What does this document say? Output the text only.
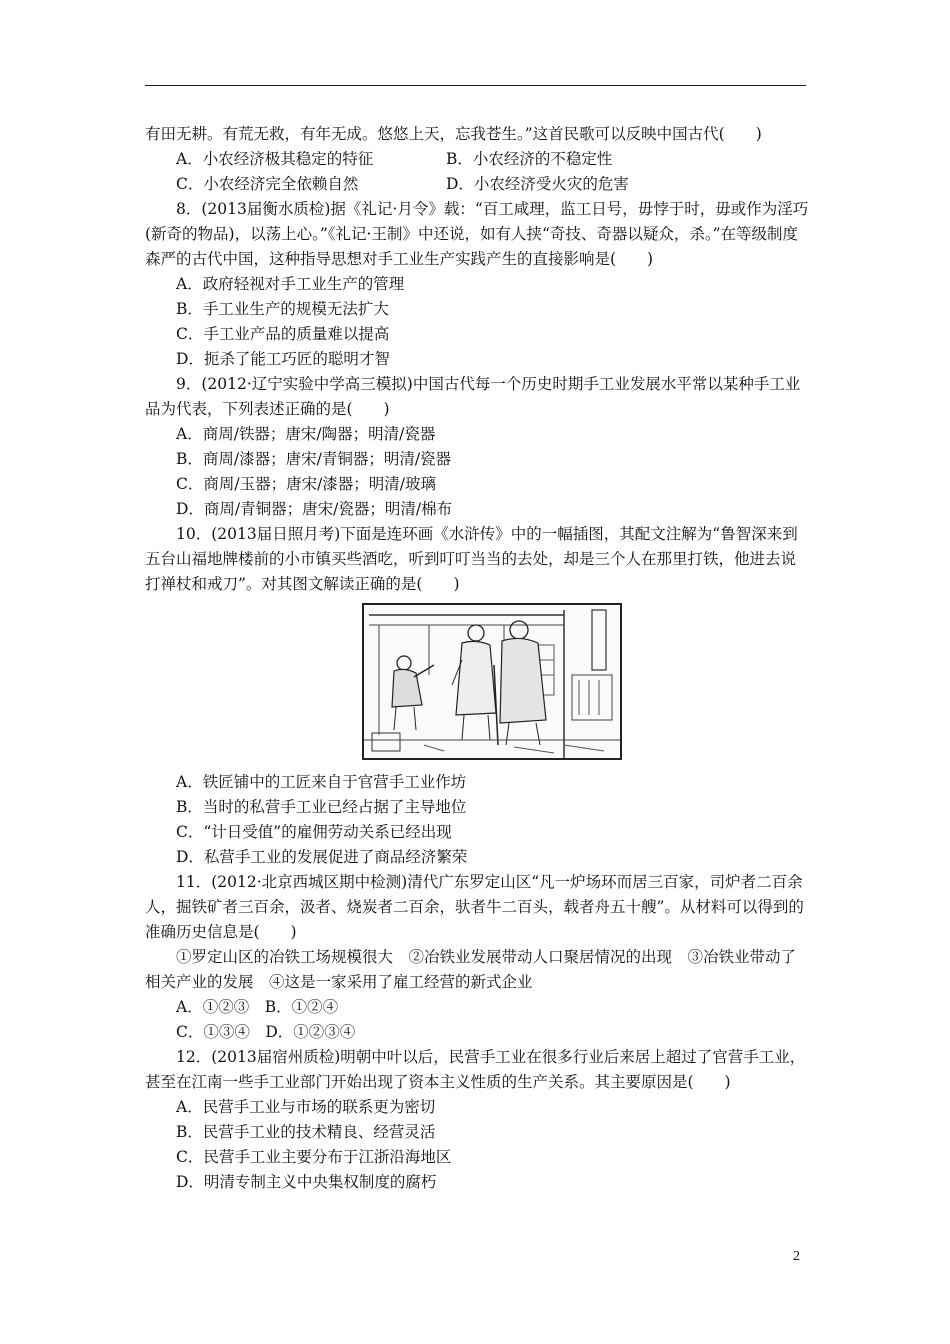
有田无耕。有荒无救，有年无成。悠悠上天，忘我苍生。”这首民歌可以反映中国古代(　　)

A．小农经济极其稳定的特征	B．小农经济的不稳定性
C．小农经济完全依赖自然	D．小农经济受火灾的危害

8．(2013届衡水质检)据《礼记·月令》载：“百工咸理，监工日号，毋悖于时，毋或作为淫巧(新奇的物品)，以荡上心。”《礼记·王制》中还说，如有人挟“奇技、奇器以疑众，杀。”在等级制度森严的古代中国，这种指导思想对手工业生产实践产生的直接影响是(　　)

A．政府轻视对手工业生产的管理

B．手工业生产的规模无法扩大

C．手工业产品的质量难以提高

D．扼杀了能工巧匠的聪明才智

9．(2012·辽宁实验中学高三模拟)中国古代每一个历史时期手工业发展水平常以某种手工业品为代表，下列表述正确的是(　　)

A．商周/铁器；唐宋/陶器；明清/瓷器

B．商周/漆器；唐宋/青铜器；明清/瓷器

C．商周/玉器；唐宋/漆器；明清/玻璃

D．商周/青铜器；唐宋/瓷器；明清/棉布

10．(2013届日照月考)下面是连环画《水浒传》中的一幅插图，其配文注解为“鲁智深来到五台山福地牌楼前的小市镇买些酒吃，听到叮叮当当的去处，却是三个人在那里打铁，他进去说打禅杖和戒刀”。对其图文解读正确的是(　　)

A．铁匠铺中的工匠来自于官营手工业作坊

B．当时的私营手工业已经占据了主导地位

C．“计日受值”的雇佣劳动关系已经出现

D．私营手工业的发展促进了商品经济繁荣

11．(2012·北京西城区期中检测)清代广东罗定山区“凡一炉场环而居三百家，司炉者二百余人，掘铁矿者三百余，汲者、烧炭者二百余，驮者牛二百头，载者舟五十艘”。从材料可以得到的准确历史信息是(　　)

①罗定山区的冶铁工场规模很大　②冶铁业发展带动人口聚居情况的出现　③冶铁业带动了相关产业的发展　④这是一家采用了雇工经营的新式企业

A．①②③　B．①②④

C．①③④　D．①②③④

12．(2013届宿州质检)明朝中叶以后，民营手工业在很多行业后来居上超过了官营手工业，甚至在江南一些手工业部门开始出现了资本主义性质的生产关系。其主要原因是(　　)

A．民营手工业与市场的联系更为密切

B．民营手工业的技术精良、经营灵活

C．民营手工业主要分布于江浙沿海地区

D．明清专制主义中央集权制度的腐朽

2
